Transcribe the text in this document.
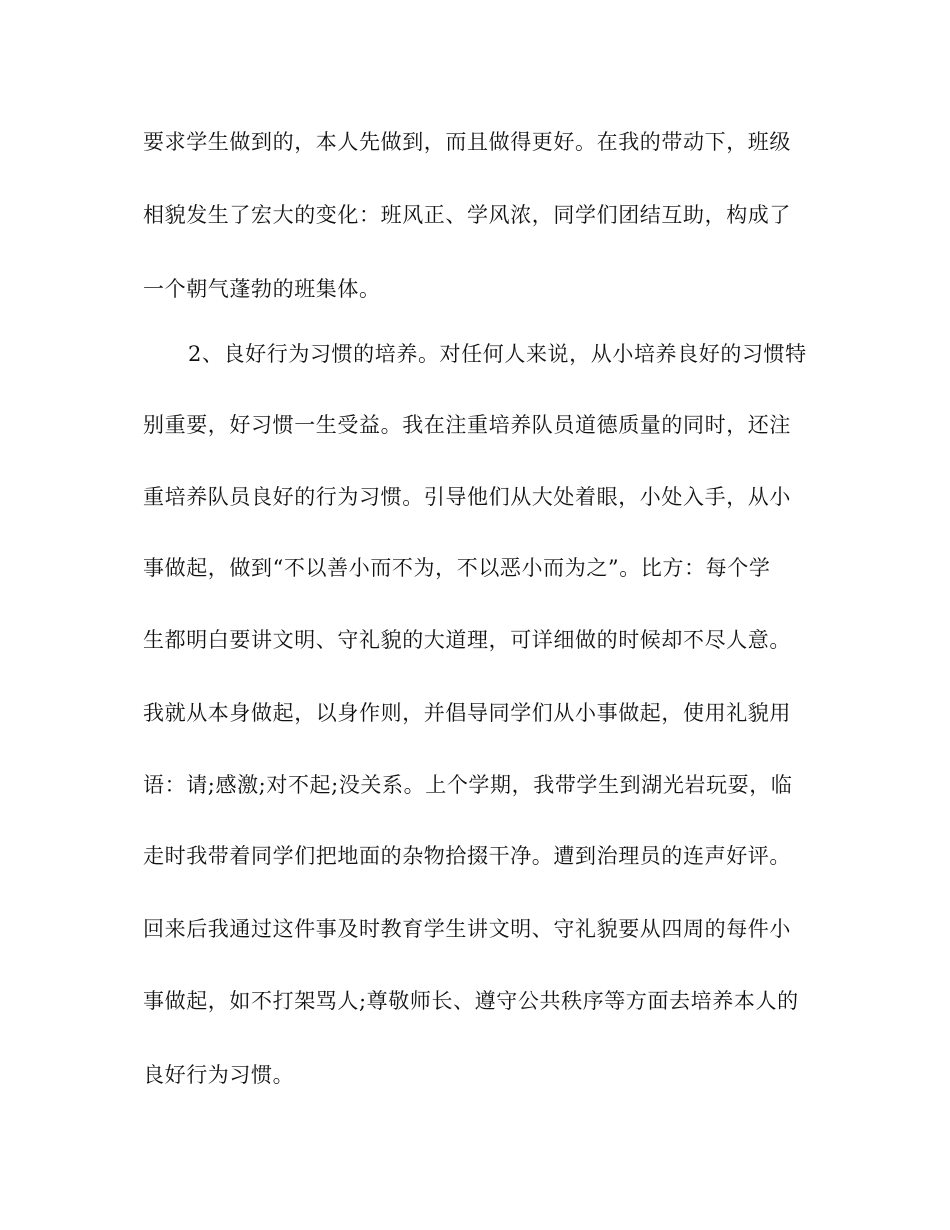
要求学生做到的，本人先做到，而且做得更好。在我的带动下，班级
相貌发生了宏大的变化：班风正、学风浓，同学们团结互助，构成了
一个朝气蓬勃的班集体。
2、良好行为习惯的培养。对任何人来说，从小培养良好的习惯特
别重要，好习惯一生受益。我在注重培养队员道德质量的同时，还注
重培养队员良好的行为习惯。引导他们从大处着眼，小处入手，从小
事做起，做到“不以善小而不为，不以恶小而为之”。比方：每个学
生都明白要讲文明、守礼貌的大道理，可详细做的时候却不尽人意。
我就从本身做起，以身作则，并倡导同学们从小事做起，使用礼貌用
语：请;感激;对不起;没关系。上个学期，我带学生到湖光岩玩耍，临
走时我带着同学们把地面的杂物拾掇干净。遭到治理员的连声好评。
回来后我通过这件事及时教育学生讲文明、守礼貌要从四周的每件小
事做起，如不打架骂人;尊敬师长、遵守公共秩序等方面去培养本人的
良好行为习惯。
